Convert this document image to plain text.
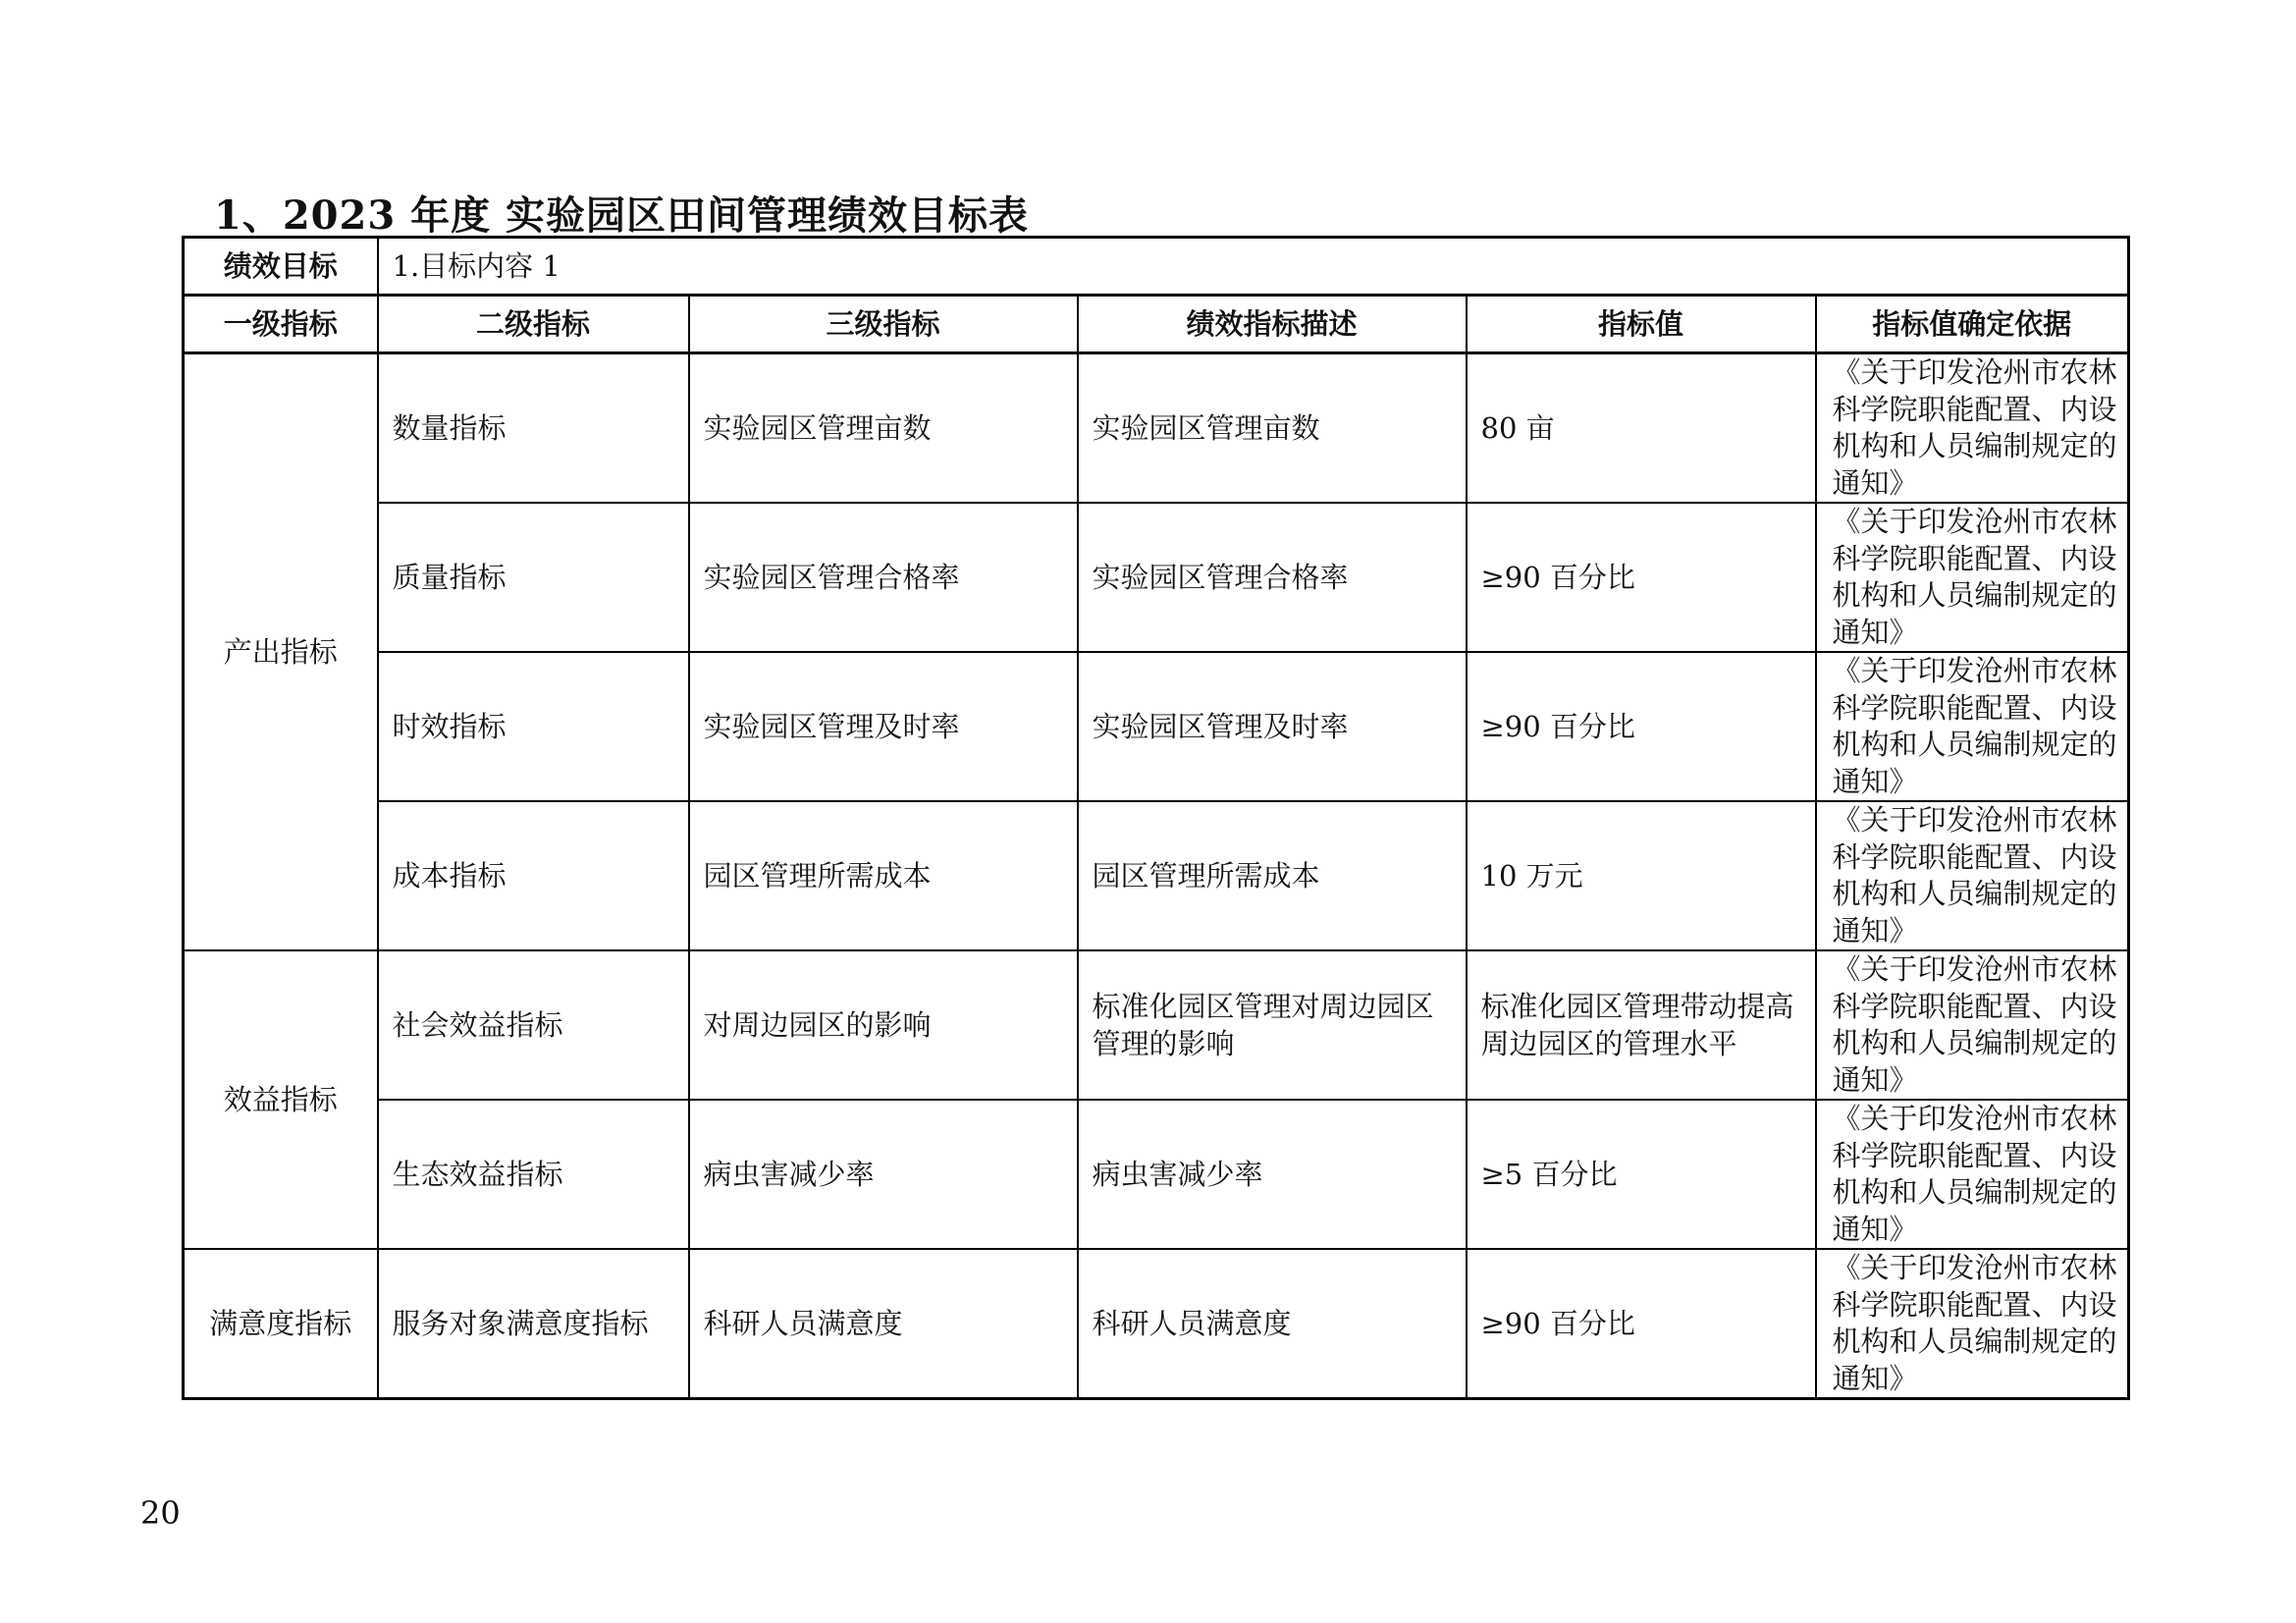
1、2023 年度 实验园区田间管理绩效目标表
绩效目标	1.目标内容 1				
一级指标	二级指标	三级指标	绩效指标描述	指标值	指标值确定依据
产出指标	数量指标	实验园区管理亩数	实验园区管理亩数	80 亩	《关于印发沧州市农林科学院职能配置、内设机构和人员编制规定的通知》
	质量指标	实验园区管理合格率	实验园区管理合格率	≥90 百分比	《关于印发沧州市农林科学院职能配置、内设机构和人员编制规定的通知》
	时效指标	实验园区管理及时率	实验园区管理及时率	≥90 百分比	《关于印发沧州市农林科学院职能配置、内设机构和人员编制规定的通知》
	成本指标	园区管理所需成本	园区管理所需成本	10 万元	《关于印发沧州市农林科学院职能配置、内设机构和人员编制规定的通知》
效益指标	社会效益指标	对周边园区的影响	标准化园区管理对周边园区管理的影响	标准化园区管理带动提高周边园区的管理水平	《关于印发沧州市农林科学院职能配置、内设机构和人员编制规定的通知》
	生态效益指标	病虫害减少率	病虫害减少率	≥5 百分比	《关于印发沧州市农林科学院职能配置、内设机构和人员编制规定的通知》
满意度指标	服务对象满意度指标	科研人员满意度	科研人员满意度	≥90 百分比	《关于印发沧州市农林科学院职能配置、内设机构和人员编制规定的通知》
20
